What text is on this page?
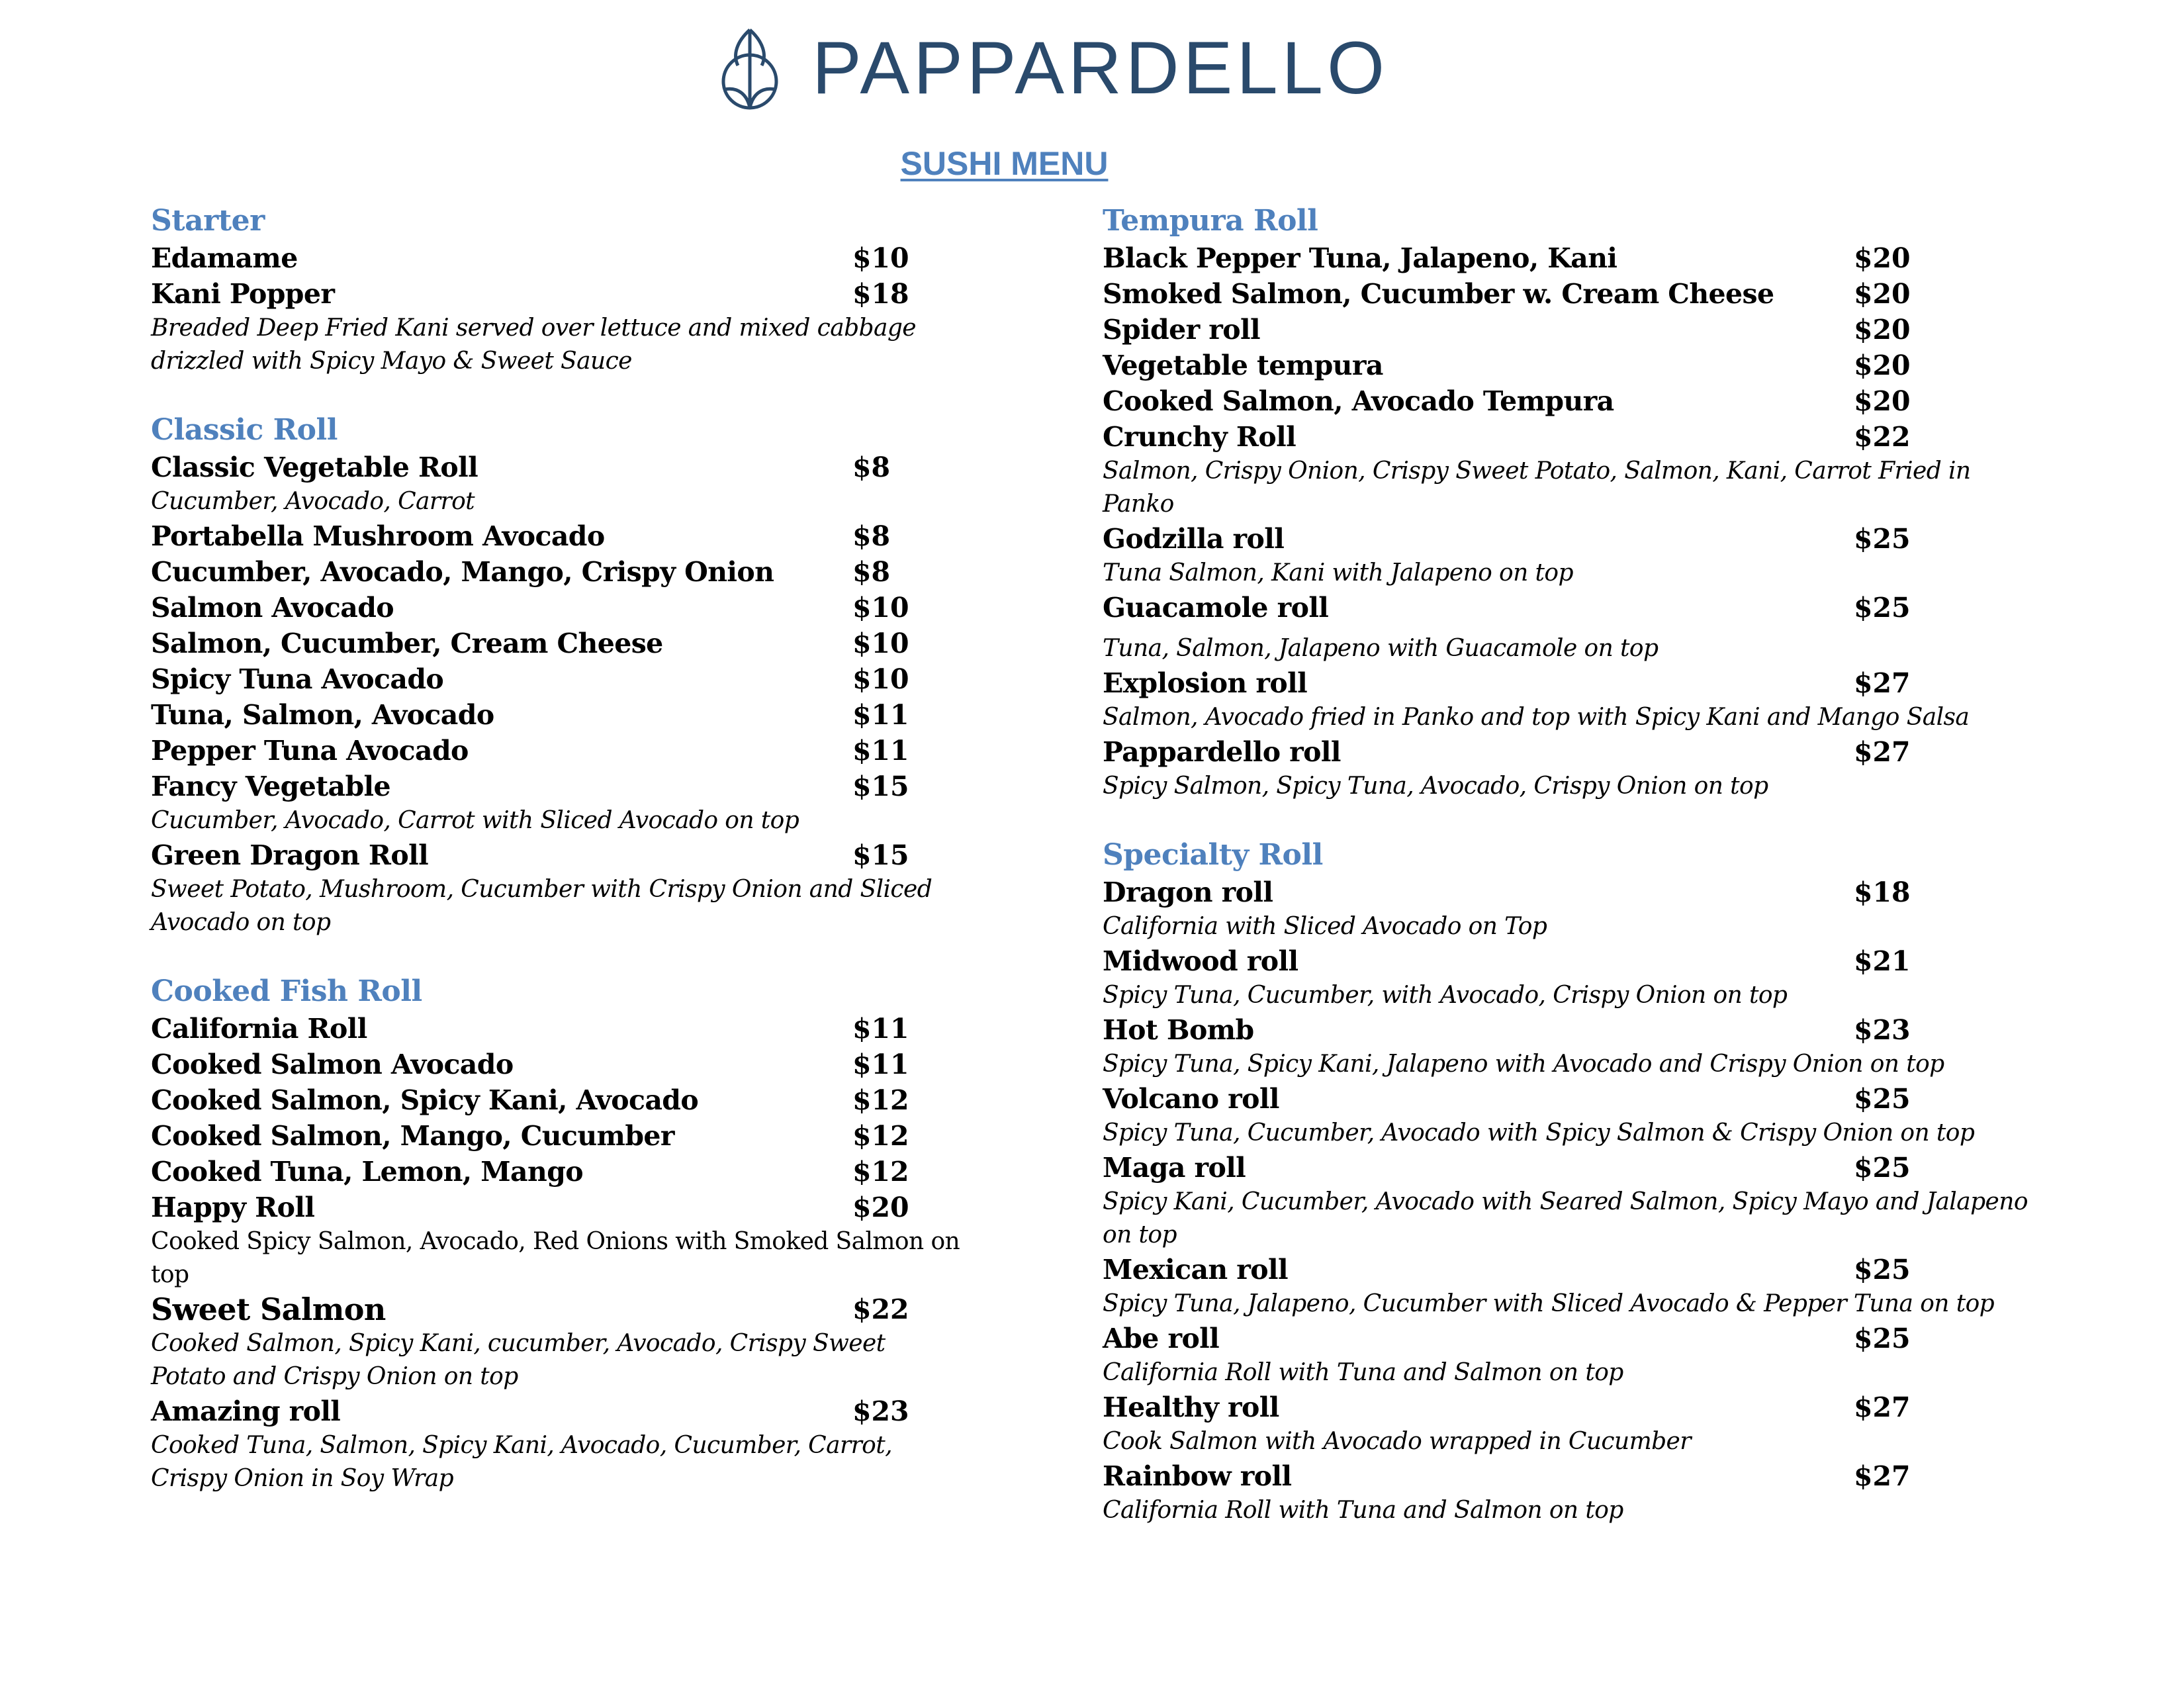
PAPPARDELLO
SUSHI MENU
Starter
Edamame	$10
Kani Popper	$18
Breaded Deep Fried Kani served over lettuce and mixed cabbage drizzled with Spicy Mayo & Sweet Sauce
Classic Roll
Classic Vegetable Roll	$8
Cucumber, Avocado, Carrot
Portabella Mushroom Avocado	$8
Cucumber, Avocado, Mango, Crispy Onion	$8
Salmon Avocado	$10
Salmon, Cucumber, Cream Cheese	$10
Spicy Tuna Avocado	$10
Tuna, Salmon, Avocado	$11
Pepper Tuna Avocado	$11
Fancy Vegetable	$15
Cucumber, Avocado, Carrot with Sliced Avocado on top
Green Dragon Roll	$15
Sweet Potato, Mushroom, Cucumber with Crispy Onion and Sliced Avocado on top
Cooked Fish Roll
California Roll	$11
Cooked Salmon Avocado	$11
Cooked Salmon, Spicy Kani, Avocado	$12
Cooked Salmon, Mango, Cucumber	$12
Cooked Tuna, Lemon, Mango	$12
Happy Roll	$20
Cooked Spicy Salmon, Avocado, Red Onions with Smoked Salmon on top
Sweet Salmon	$22
Cooked Salmon, Spicy Kani, cucumber, Avocado, Crispy Sweet Potato and Crispy Onion on top
Amazing roll	$23
Cooked Tuna, Salmon, Spicy Kani, Avocado, Cucumber, Carrot, Crispy Onion in Soy Wrap
Tempura Roll
Black Pepper Tuna, Jalapeno, Kani	$20
Smoked Salmon, Cucumber w. Cream Cheese	$20
Spider roll	$20
Vegetable tempura	$20
Cooked Salmon, Avocado Tempura	$20
Crunchy Roll	$22
Salmon, Crispy Onion, Crispy Sweet Potato, Salmon, Kani, Carrot Fried in Panko
Godzilla roll	$25
Tuna Salmon, Kani with Jalapeno on top
Guacamole roll	$25
Tuna, Salmon, Jalapeno with Guacamole on top
Explosion roll	$27
Salmon, Avocado fried in Panko and top with Spicy Kani and Mango Salsa
Pappardello roll	$27
Spicy Salmon, Spicy Tuna, Avocado, Crispy Onion on top
Specialty Roll
Dragon roll	$18
California with Sliced Avocado on Top
Midwood roll	$21
Spicy Tuna, Cucumber, with Avocado, Crispy Onion on top
Hot Bomb	$23
Spicy Tuna, Spicy Kani, Jalapeno with Avocado and Crispy Onion on top
Volcano roll	$25
Spicy Tuna, Cucumber, Avocado with Spicy Salmon & Crispy Onion on top
Maga roll	$25
Spicy Kani, Cucumber, Avocado with Seared Salmon, Spicy Mayo and Jalapeno on top
Mexican roll	$25
Spicy Tuna, Jalapeno, Cucumber with Sliced Avocado & Pepper Tuna on top
Abe roll	$25
California Roll with Tuna and Salmon on top
Healthy roll	$27
Cook Salmon with Avocado wrapped in Cucumber
Rainbow roll	$27
California Roll with Tuna and Salmon on top
